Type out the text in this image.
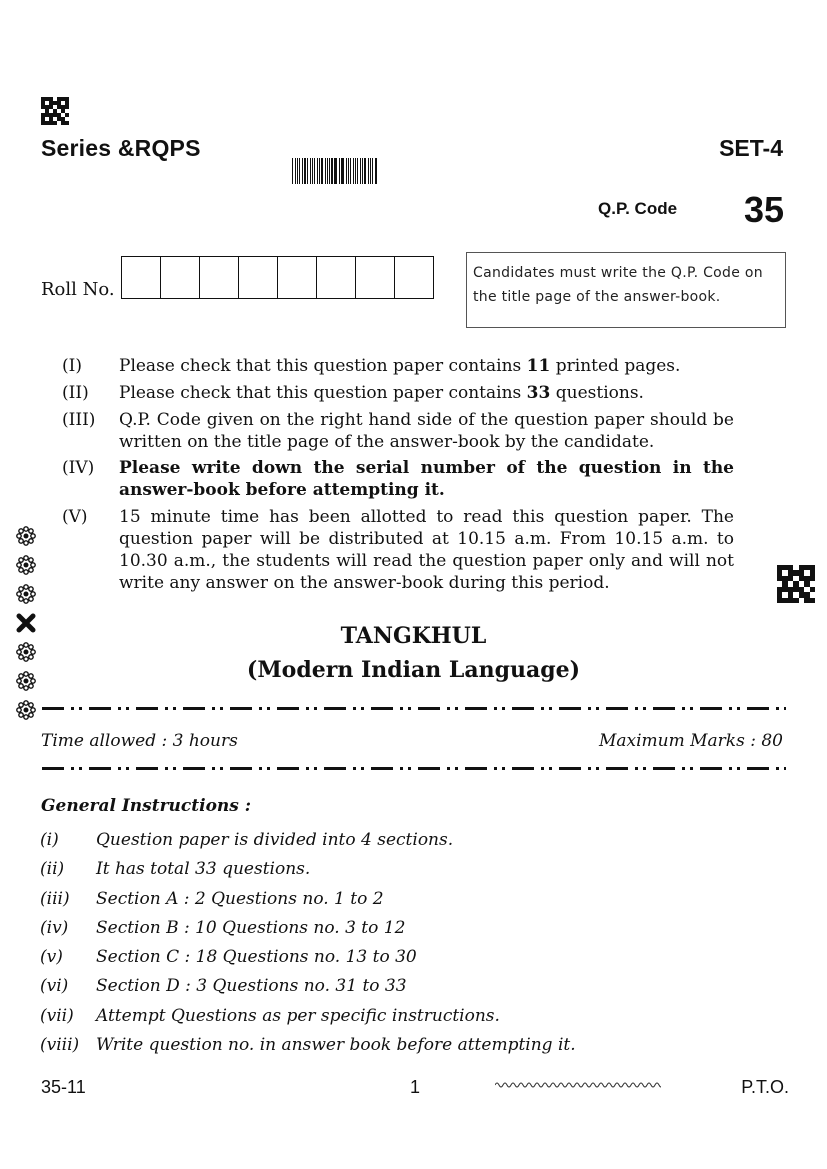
Series &RQPS	SET-4
Q.P. Code 35
Roll No.
Candidates must write the Q.P. Code on the title page of the answer-book.
(I) Please check that this question paper contains 11 printed pages.
(II) Please check that this question paper contains 33 questions.
(III) Q.P. Code given on the right hand side of the question paper should be written on the title page of the answer-book by the candidate.
(IV) Please write down the serial number of the question in the answer-book before attempting it.
(V) 15 minute time has been allotted to read this question paper. The question paper will be distributed at 10.15 a.m. From 10.15 a.m. to 10.30 a.m., the students will read the question paper only and will not write any answer on the answer-book during this period.
TANGKHUL
(Modern Indian Language)
Time allowed : 3 hours	Maximum Marks : 80
General Instructions :
(i) Question paper is divided into 4 sections.
(ii) It has total 33 questions.
(iii) Section A : 2 Questions no. 1 to 2
(iv) Section B : 10 Questions no. 3 to 12
(v) Section C : 18 Questions no. 13 to 30
(vi) Section D : 3 Questions no. 31 to 33
(vii) Attempt Questions as per specific instructions.
(viii) Write question no. in answer book before attempting it.
35-11	1	P.T.O.
